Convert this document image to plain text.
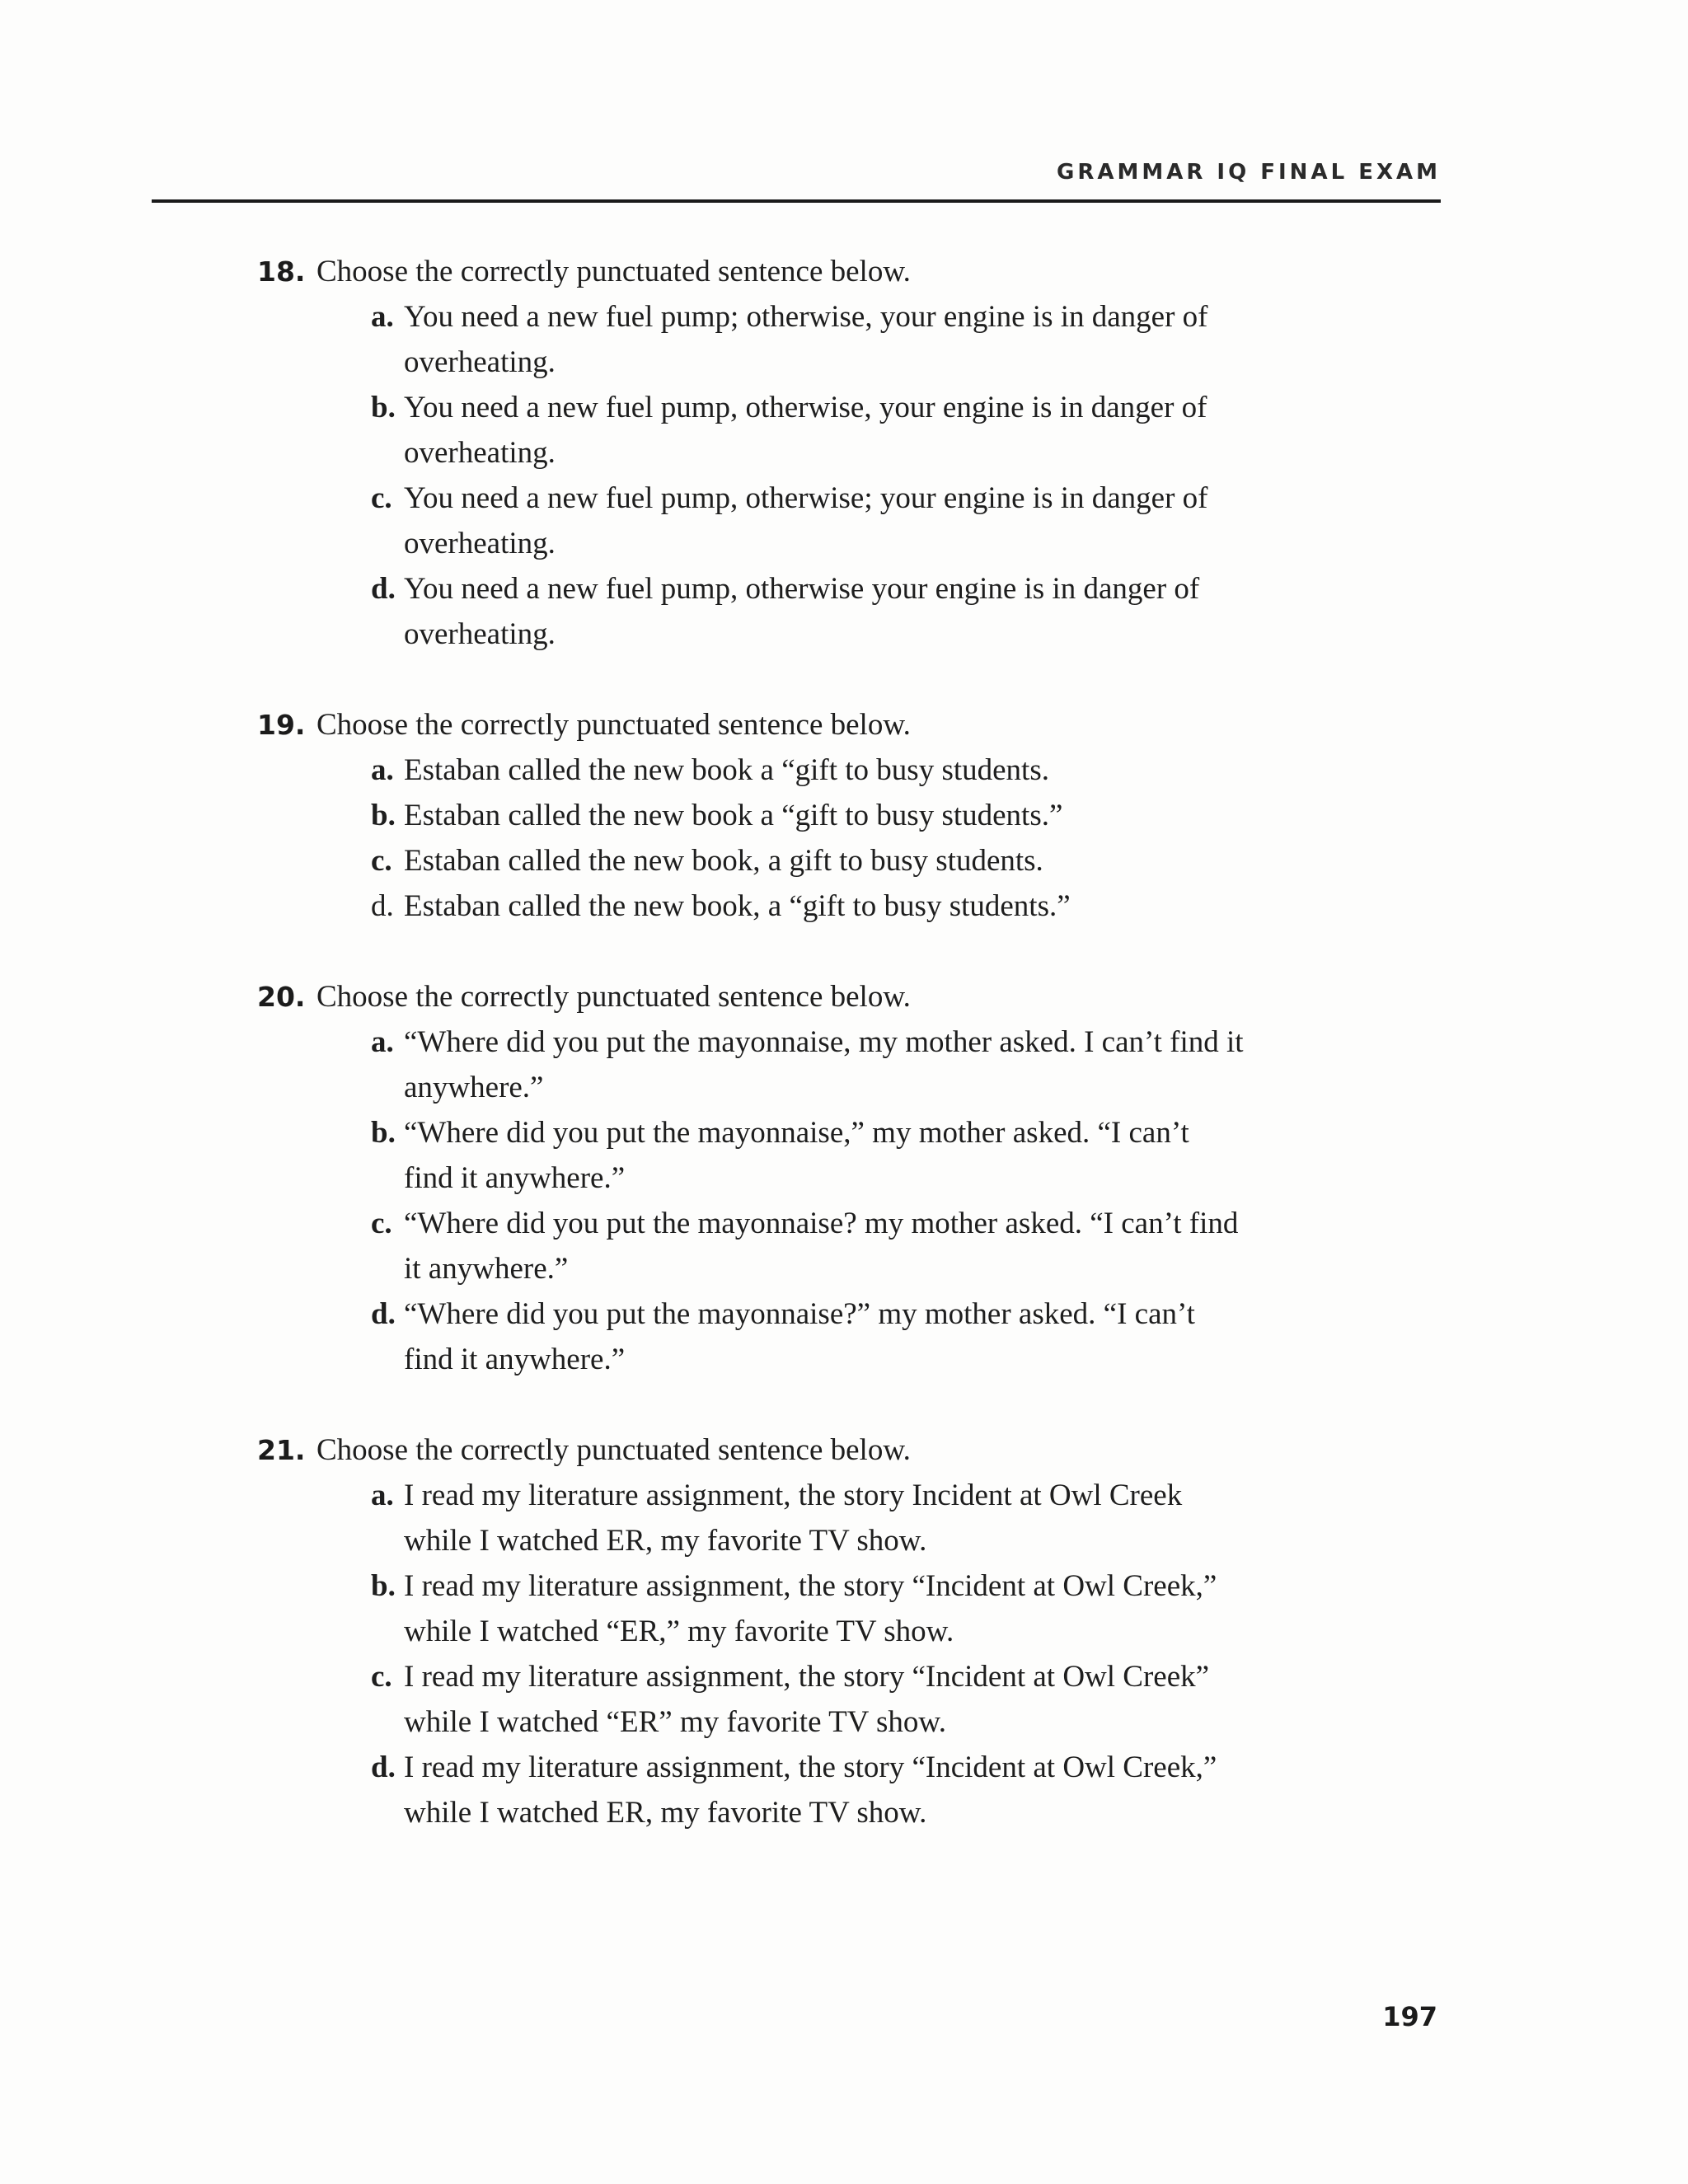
GRAMMAR IQ FINAL EXAM
18. Choose the correctly punctuated sentence below.
a. You need a new fuel pump; otherwise, your engine is in danger of overheating.
b. You need a new fuel pump, otherwise, your engine is in danger of overheating.
c. You need a new fuel pump, otherwise; your engine is in danger of overheating.
d. You need a new fuel pump, otherwise your engine is in danger of overheating.
19. Choose the correctly punctuated sentence below.
a. Estaban called the new book a “gift to busy students.
b. Estaban called the new book a “gift to busy students.”
c. Estaban called the new book, a gift to busy students.
d. Estaban called the new book, a “gift to busy students.”
20. Choose the correctly punctuated sentence below.
a. “Where did you put the mayonnaise, my mother asked. I can’t find it anywhere.”
b. “Where did you put the mayonnaise,” my mother asked. “I can’t find it anywhere.”
c. “Where did you put the mayonnaise? my mother asked. “I can’t find it anywhere.”
d. “Where did you put the mayonnaise?” my mother asked. “I can’t find it anywhere.”
21. Choose the correctly punctuated sentence below.
a. I read my literature assignment, the story Incident at Owl Creek while I watched ER, my favorite TV show.
b. I read my literature assignment, the story “Incident at Owl Creek,” while I watched “ER,” my favorite TV show.
c. I read my literature assignment, the story “Incident at Owl Creek” while I watched “ER” my favorite TV show.
d. I read my literature assignment, the story “Incident at Owl Creek,” while I watched ER, my favorite TV show.
197
